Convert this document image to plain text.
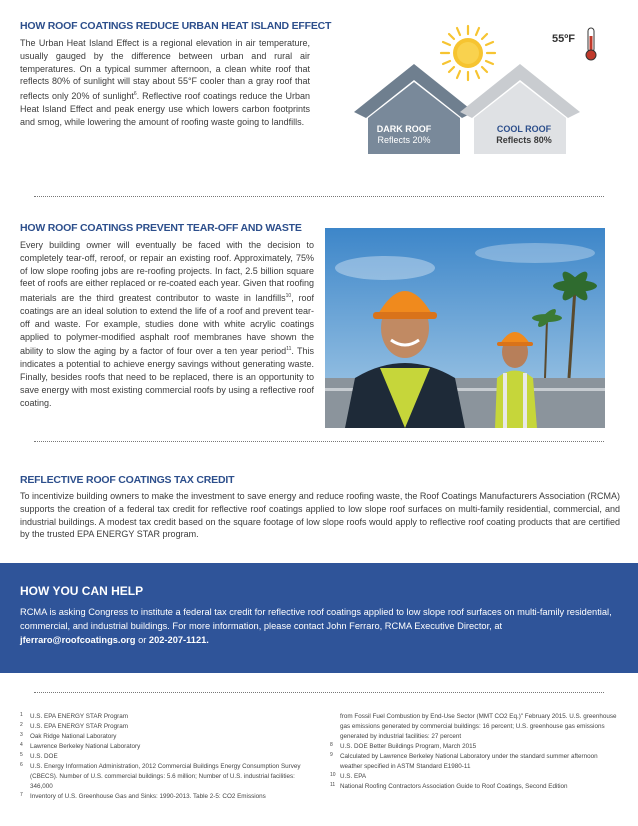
HOW ROOF COATINGS REDUCE URBAN HEAT ISLAND EFFECT

The Urban Heat Island Effect is a regional elevation in air temperature, usually gauged by the difference between urban and rural air temperatures. On a typical summer afternoon, a clean white roof that reflects 80% of sunlight will stay about 55°F cooler than a gray roof that reflects only 20% of sunlight$^6$. Reflective roof coatings reduce the Urban Heat Island Effect and peak energy use which lowers carbon footprints and smog, while lowering the amount of roofing waste going to landfills.

55ºF
DARK ROOF
Reflects 20%
COOL ROOF
Reflects 80%
HOW ROOF COATINGS PREVENT TEAR-OFF AND WASTE

Every building owner will eventually be faced with the decision to completely tear-off, reroof, or repair an existing roof. Approximately, 75% of low slope roofing jobs are re-roofing projects. In fact, 2.5 billion square feet of roofs are either replaced or re-coated each year. Given that roofing materials are the third greatest contributor to waste in landfills$^{10}$, roof coatings are an ideal solution to extend the life of a roof and prevent tear-off and waste. For example, studies done with white acrylic coatings applied to polymer-modified asphalt roof membranes have shown the ability to slow the aging by a factor of four over a ten year period$^{11}$. This indicates a potential to achieve energy savings without generating waste. Finally, besides roofs that need to be replaced, there is an opportunity to save energy with most existing commercial roofs by using a reflective roof coating.

REFLECTIVE ROOF COATINGS TAX CREDIT

To incentivize building owners to make the investment to save energy and reduce roofing waste, the Roof Coatings Manufacturers Association (RCMA) supports the creation of a federal tax credit for reflective roof coatings applied to low slope roof surfaces on multi-family residential, commercial, and industrial buildings. A modest tax credit based on the square footage of low slope roofs would apply to reflective roof coating products that are certified by the trusted EPA ENERGY STAR program.

HOW YOU CAN HELP

RCMA is asking Congress to institute a federal tax credit for reflective roof coatings applied to low slope roof surfaces on multi-family residential, commercial, and industrial buildings. For more information, please contact John Ferraro, RCMA Executive Director, at jferraro@roofcoatings.org or 202-207-1121.

1	U.S. EPA ENERGY STAR Program
2	U.S. EPA ENERGY STAR Program
3	Oak Ridge National Laboratory
4	Lawrence Berkeley National Laboratory
5	U.S. DOE
6	U.S. Energy Information Administration, 2012 Commercial Buildings Energy Consumption Survey (CBECS). Number of U.S. commercial buildings: 5.6 million; Number of U.S. industrial facilities: 346,000
7	Inventory of U.S. Greenhouse Gas and Sinks: 1990-2013. Table 2-5: CO2 Emissions
from Fossil Fuel Combustion by End-Use Sector (MMT CO2 Eq.)" February 2015. U.S. greenhouse gas emissions generated by commercial buildings: 16 percent; U.S. greenhouse gas emissions generated by industrial facilities: 27 percent
8	U.S. DOE Better Buildings Program, March 2015
9	Calculated by Lawrence Berkeley National Laboratory under the standard summer afternoon weather specified in ASTM Standard E1980-11
10 U.S. EPA
11 National Roofing Contractors Association Guide to Roof Coatings, Second Edition
